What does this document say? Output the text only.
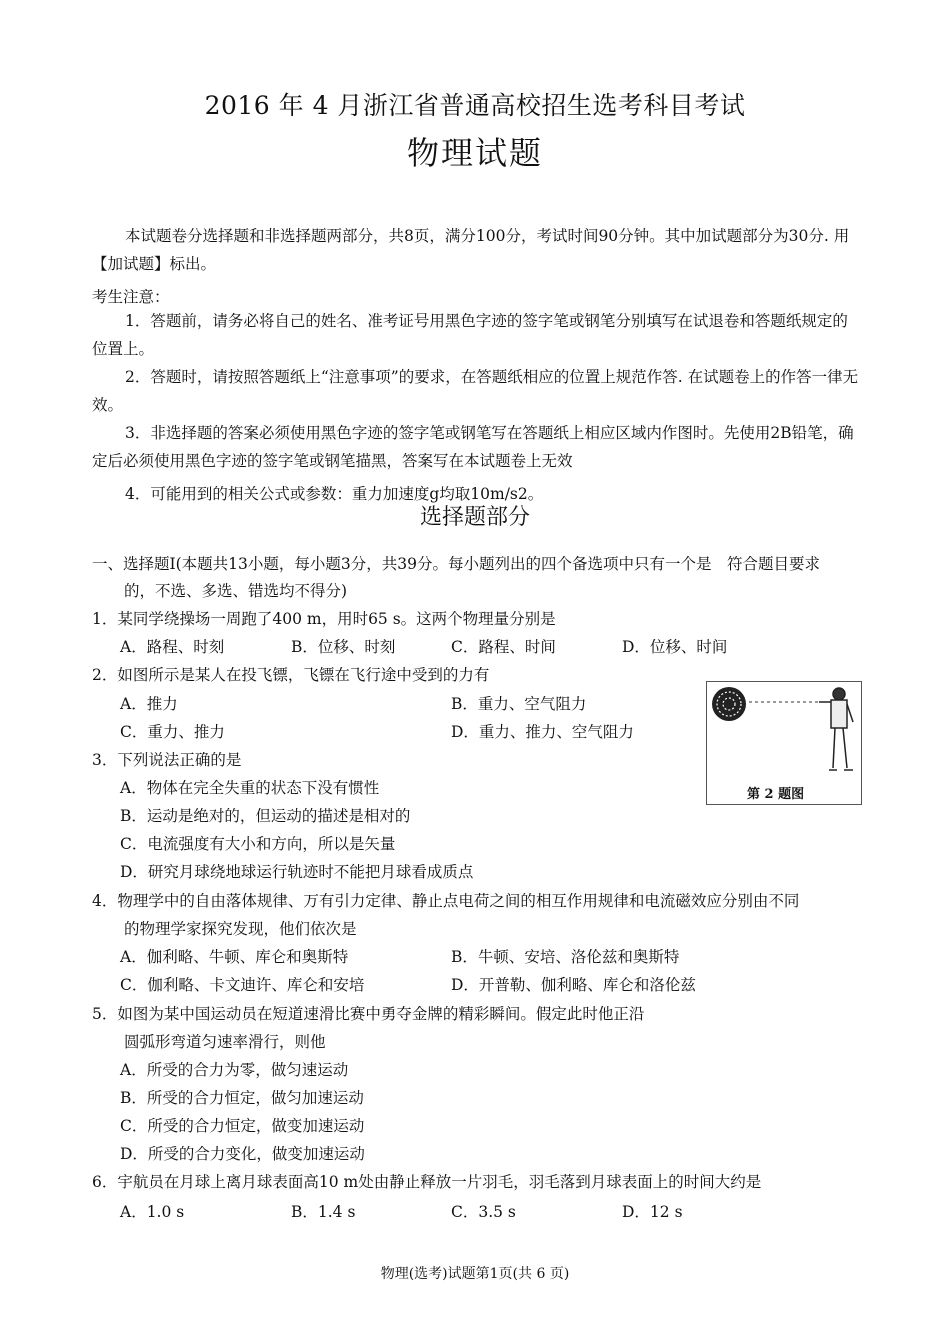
2016 年 4 月浙江省普通高校招生选考科目考试
物理试题
本试题卷分选择题和非选择题两部分，共8页，满分100分，考试时间90分钟。其中加试题部分为30分. 用【加试题】标出。
考生注意：
1．答题前，请务必将自己的姓名、准考证号用黑色字迹的签字笔或钢笔分别填写在试退卷和答题纸规定的位置上。
2．答题时，请按照答题纸上“注意事项”的要求，在答题纸相应的位置上规范作答. 在试题卷上的作答一律无效。
3．非选择题的答案必须使用黑色字迹的签字笔或钢笔写在答题纸上相应区域内作图时。先使用2B铅笔，确定后必须使用黑色字迹的签字笔或钢笔描黑，答案写在本试题卷上无效
4．可能用到的相关公式或参数：重力加速度g均取10m/s2。
选择题部分
一、选择题I(本题共13小题，每小题3分，共39分。每小题列出的四个备选项中只有一个是　符合题目要求
的，不选、多选、错选均不得分)
1．某同学绕操场一周跑了400 m，用时65 s。这两个物理量分别是
A．路程、时刻	B．位移、时刻	C．路程、时间	D．位移、时间
2．如图所示是某人在投飞镖，飞镖在飞行途中受到的力有
A．推力	B．重力、空气阻力
C．重力、推力	D．重力、推力、空气阻力
第 2 题图
3．下列说法正确的是
A．物体在完全失重的状态下没有惯性
B．运动是绝对的，但运动的描述是相对的
C．电流强度有大小和方向，所以是矢量
D．研究月球绕地球运行轨迹时不能把月球看成质点
4．物理学中的自由落体规律、万有引力定律、静止点电荷之间的相互作用规律和电流磁效应分别由不同
的物理学家探究发现，他们依次是
A．伽利略、牛顿、库仑和奥斯特	B．牛顿、安培、洛伦兹和奥斯特
C．伽利略、卡文迪许、库仑和安培	D．开普勒、伽利略、库仑和洛伦兹
5．如图为某中国运动员在短道速滑比赛中勇夺金牌的精彩瞬间。假定此时他正沿
圆弧形弯道匀速率滑行，则他
A．所受的合力为零，做匀速运动
B．所受的合力恒定，做匀加速运动
C．所受的合力恒定，做变加速运动
D．所受的合力变化，做变加速运动
6．宇航员在月球上离月球表面高10 m处由静止释放一片羽毛，羽毛落到月球表面上的时间大约是
A．1.0 s	B．1.4 s	C．3.5 s	D．12 s
物理(选考)试题第1页(共 6 页)
